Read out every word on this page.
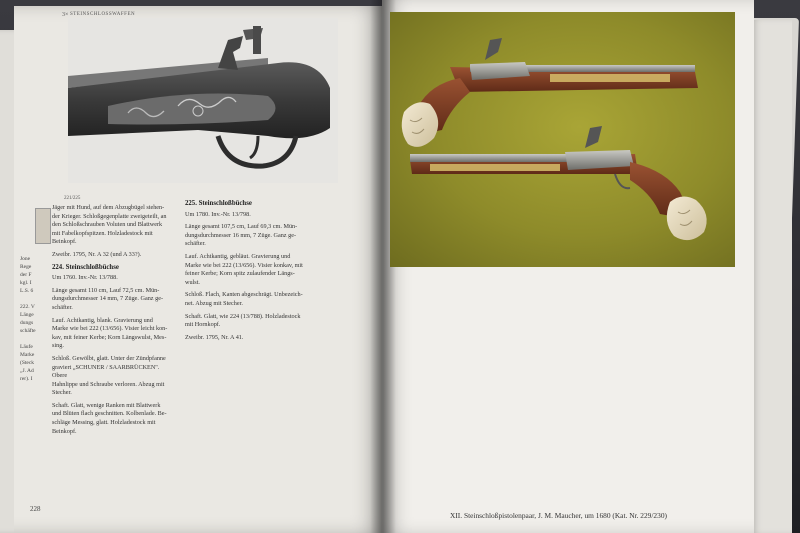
3× STEINSCHLOSSWAFFEN
221/225
Jone
Rege
der F
kgl. I
L.S. 6

222. V
Länge
dungs
schäfte

Läufe
Marke
(Steck
„J. Ad
rer). I

Jäger mit Hund, auf dem Abzugbügel stehen-
der Krieger. Schloßgegenplatte zweigeteilt, an
den Schloßschrauben Voluten und Blattwerk
mit Fabelkopfspitzen. Holzladestock mit
Beinkopf.

Zweibr. 1795, Nr. A 32 (und A 33?).

224. Steinschloßbüchse

Um 1760. Inv.-Nr. 13/788.

Länge gesamt 110 cm, Lauf 72,5 cm. Mün-
dungsdurchmesser 14 mm, 7 Züge. Ganz ge-
schäfter.

Lauf. Achtkantig, blank. Gravierung und
Marke wie bei 222 (13/656). Visier leicht kon-
kav, mit feiner Kerbe; Korn Längswulst, Mes-
sing.

Schloß. Gewölbt, glatt. Unter der Zündpfanne
graviert „SCHUNER / SAARBRÜCKEN". Obere
Hahnlippe und Schraube verloren. Abzug mit
Stecher.

Schaft. Glatt, wenige Ranken mit Blattwerk
und Blüten flach geschnitten. Kolbenlade. Be-
schläge Messing, glatt. Holzladestock mit
Beinkopf.

225. Steinschloßbüchse

Um 1780. Inv.-Nr. 13/798.

Länge gesamt 107,5 cm, Lauf 69,3 cm. Mün-
dungsdurchmesser 16 mm, 7 Züge. Ganz ge-
schäfter.

Lauf. Achtkantig, gebläut. Gravierung und
Marke wie bei 222 (13/656). Visier konkav, mit
feiner Kerbe; Korn spitz zulaufender Längs-
wulst.

Schloß. Flach, Kanten abgeschrägt. Unbezeich-
net. Abzug mit Stecher.

Schaft. Glatt, wie 224 (13/788). Holzladestock
mit Hornkopf.

Zweibr. 1795, Nr. A 41.

228
XII. Steinschloßpistolenpaar, J. M. Maucher, um 1680 (Kat. Nr. 229/230)
